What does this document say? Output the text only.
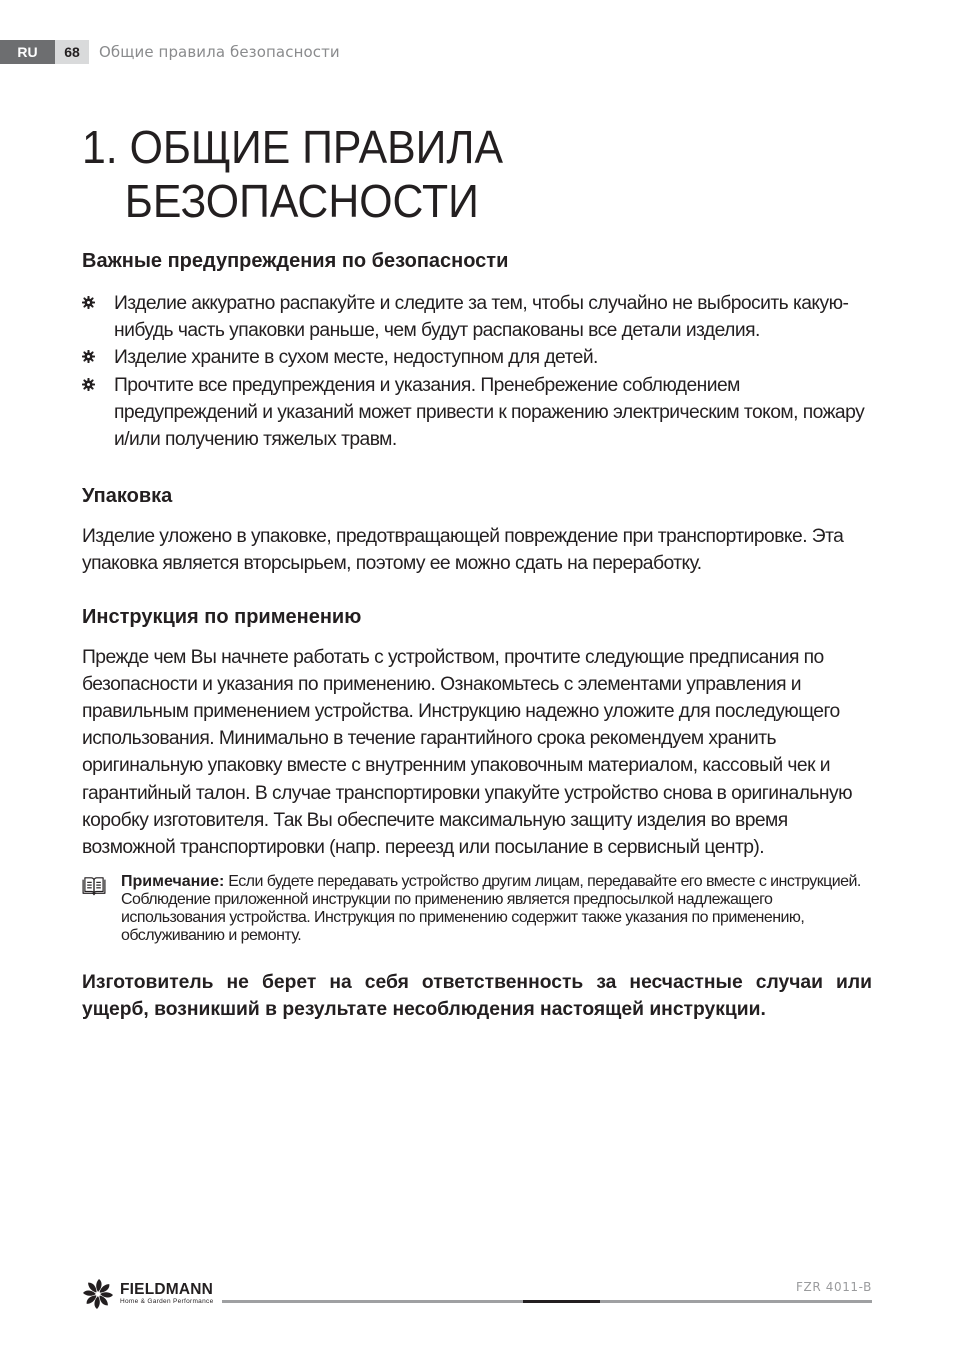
RU	68	Общие правила безопасности
1. ОБЩИЕ ПРАВИЛА
БЕЗОПАСНОСТИ
Важные предупреждения по безопасности
Изделие аккуратно распакуйте и следите за тем, чтобы случайно не выбросить какую-нибудь часть упаковки раньше, чем будут распакованы все детали изделия.
Изделие храните в сухом месте, недоступном для детей.
Прочтите все предупреждения и указания. Пренебрежение соблюдением предупреждений и указаний может привести к поражению электрическим током, пожару и/или получению тяжелых травм.
Упаковка

Изделие уложено в упаковке, предотвращающей повреждение при транспортировке. Эта упаковка является вторсырьем, поэтому ее можно сдать на переработку.

Инструкция по применению

Прежде чем Вы начнете работать с устройством, прочтите следующие предписания по безопасности и указания по применению. Ознакомьтесь с элементами управления и правильным применением устройства. Инструкцию надежно уложите для последующего использования. Минимально в течение гарантийного срока рекомендуем хранить оригинальную упаковку вместе с внутренним упаковочным материалом, кассовый чек и гарантийный талон. В случае транспортировки упакуйте устройство снова в оригинальную коробку изготовителя. Так Вы обеспечите максимальную защиту изделия во время возможной транспортировки (напр. переезд или посылание в сервисный центр).

Примечание: Если будете передавать устройство другим лицам, передавайте его вместе с инструкцией. Соблюдение приложенной инструкции по применению является предпосылкой надлежащего использования устройства. Инструкция по применению содержит также указания по применению, обслуживанию и ремонту.

Изготовитель не берет на себя ответственность за несчастные случаи или ущерб, возникший в результате несоблюдения настоящей инструкции.

FIELDMANN
Home & Garden Performance
FZR 4011-B
